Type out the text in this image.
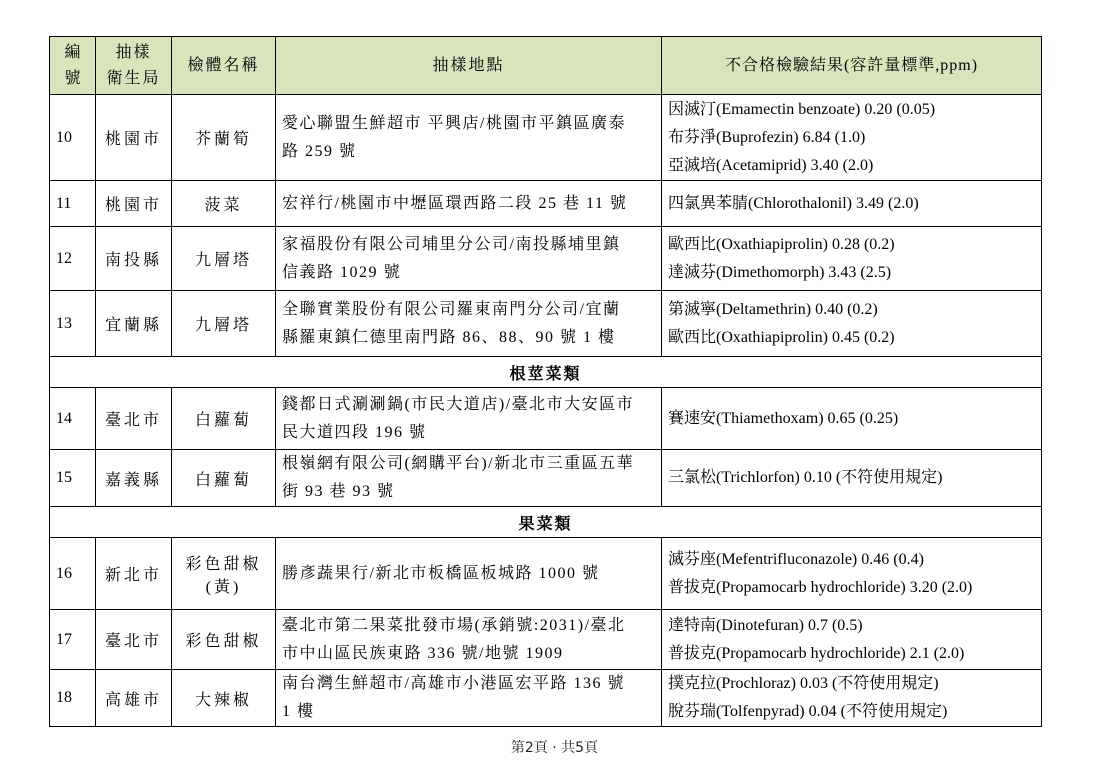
編
號	抽樣
衛生局	檢體名稱	抽樣地點	不合格檢驗結果(容許量標準,ppm)
10	桃園市	芥蘭筍	愛心聯盟生鮮超市 平興店/桃園市平鎮區廣泰
路 259 號	因滅汀(Emamectin benzoate) 0.20 (0.05)
布芬淨(Buprofezin) 6.84 (1.0)
亞滅培(Acetamiprid) 3.40 (2.0)

11	桃園市	菠菜	宏祥行/桃園市中壢區環西路二段 25 巷 11 號	四氯異苯腈(Chlorothalonil) 3.49 (2.0)

12	南投縣	九層塔	家福股份有限公司埔里分公司/南投縣埔里鎮
信義路 1029 號	歐西比(Oxathiapiprolin) 0.28 (0.2)
達滅芬(Dimethomorph) 3.43 (2.5)

13	宜蘭縣	九層塔	全聯實業股份有限公司羅東南門分公司/宜蘭
縣羅東鎮仁德里南門路 86、88、90 號 1 樓	第滅寧(Deltamethrin) 0.40 (0.2)
歐西比(Oxathiapiprolin) 0.45 (0.2)

根莖菜類				
14	臺北市	白蘿蔔	錢都日式涮涮鍋(市民大道店)/臺北市大安區市
民大道四段 196 號	賽速安(Thiamethoxam) 0.65 (0.25)

15	嘉義縣	白蘿蔔	根嶺網有限公司(網購平台)/新北市三重區五華
街 93 巷 93 號	三氯松(Trichlorfon) 0.10 (不符使用規定)

果菜類				
16	新北市	彩色甜椒
(黃)	勝彥蔬果行/新北市板橋區板城路 1000 號	滅芬座(Mefentrifluconazole) 0.46 (0.4)
普拔克(Propamocarb hydrochloride) 3.20 (2.0)

17	臺北市	彩色甜椒	臺北市第二果菜批發市場(承銷號:2031)/臺北
市中山區民族東路 336 號/地號 1909	達特南(Dinotefuran) 0.7 (0.5)
普拔克(Propamocarb hydrochloride) 2.1 (2.0)

18	高雄市	大辣椒	南台灣生鮮超市/高雄市小港區宏平路 136 號
1 樓	撲克拉(Prochloraz) 0.03 (不符使用規定)
脫芬瑞(Tolfenpyrad) 0.04 (不符使用規定)
第2頁 · 共5頁
